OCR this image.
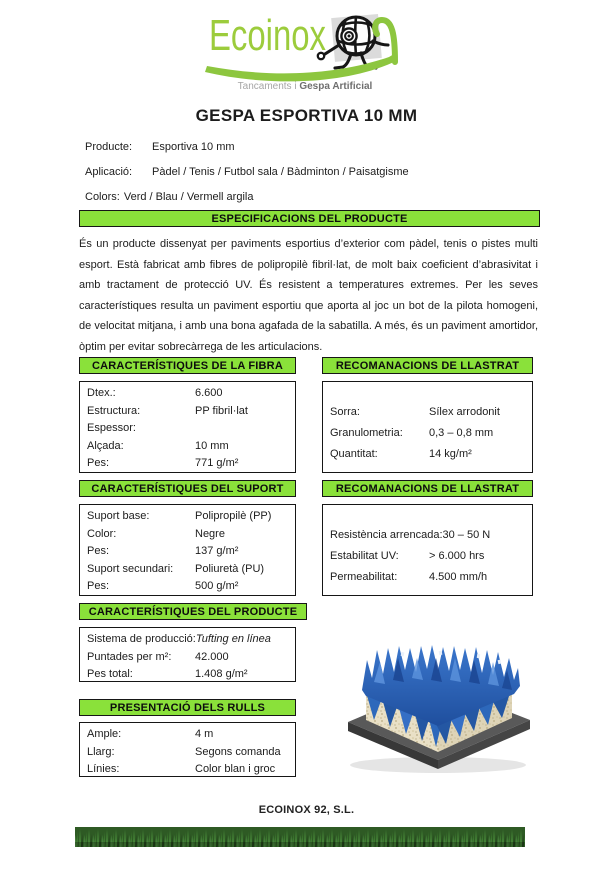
Ecoinox
Tancaments i Gespa Artificial
GESPA ESPORTIVA 10 MM
Producte: Esportiva 10 mm
Aplicació: Pàdel / Tenis / Futbol sala / Bàdminton / Paisatgisme
Colors: Verd / Blau / Vermell argila
ESPECIFICACIONS DEL PRODUCTE

És un producte dissenyat per paviments esportius d’exterior com pàdel, tenis o pistes multi esport. Està fabricat amb fibres de polipropilè fibril·lat, de molt baix coeficient d’abrasivitat i amb tractament de protecció UV. És resistent a temperatures extremes. Per les seves característiques resulta un paviment esportiu que aporta al joc un bot de la pilota homogeni, de velocitat mitjana, i amb una bona agafada de la sabatilla. A més, és un paviment amortidor, òptim per evitar sobrecàrrega de les articulacions.

CARACTERÍSTIQUES DE LA FIBRA	RECOMANACIONS DE LLASTRAT
Dtex.:	6.600
Estructura:	PP fibril·lat
Espessor:
Alçada:	10 mm
Pes:	771 g/m²
Sorra:	Sílex arrodonit
Granulometria:	0,3 – 0,8 mm
Quantitat:	14 kg/m²
CARACTERÍSTIQUES DEL SUPORT	RECOMANACIONS DE LLASTRAT
Suport base:	Polipropilè (PP)
Color:	Negre
Pes:	137 g/m²
Suport secundari:	Poliuretà (PU)
Pes:	500 g/m²
Resistència arrencada: 30 – 50 N
Estabilitat UV:	> 6.000 hrs
Permeabilitat:	4.500 mm/h
CARACTERÍSTIQUES DEL PRODUCTE
Sistema de producció: Tufting en línea
Puntades per m²:	42.000
Pes total:	1.408 g/m²
PRESENTACIÓ DELS RULLS
Ample:	4 m
Llarg:	Segons comanda
Línies:	Color blan i groc
ECOINOX 92, S.L.
